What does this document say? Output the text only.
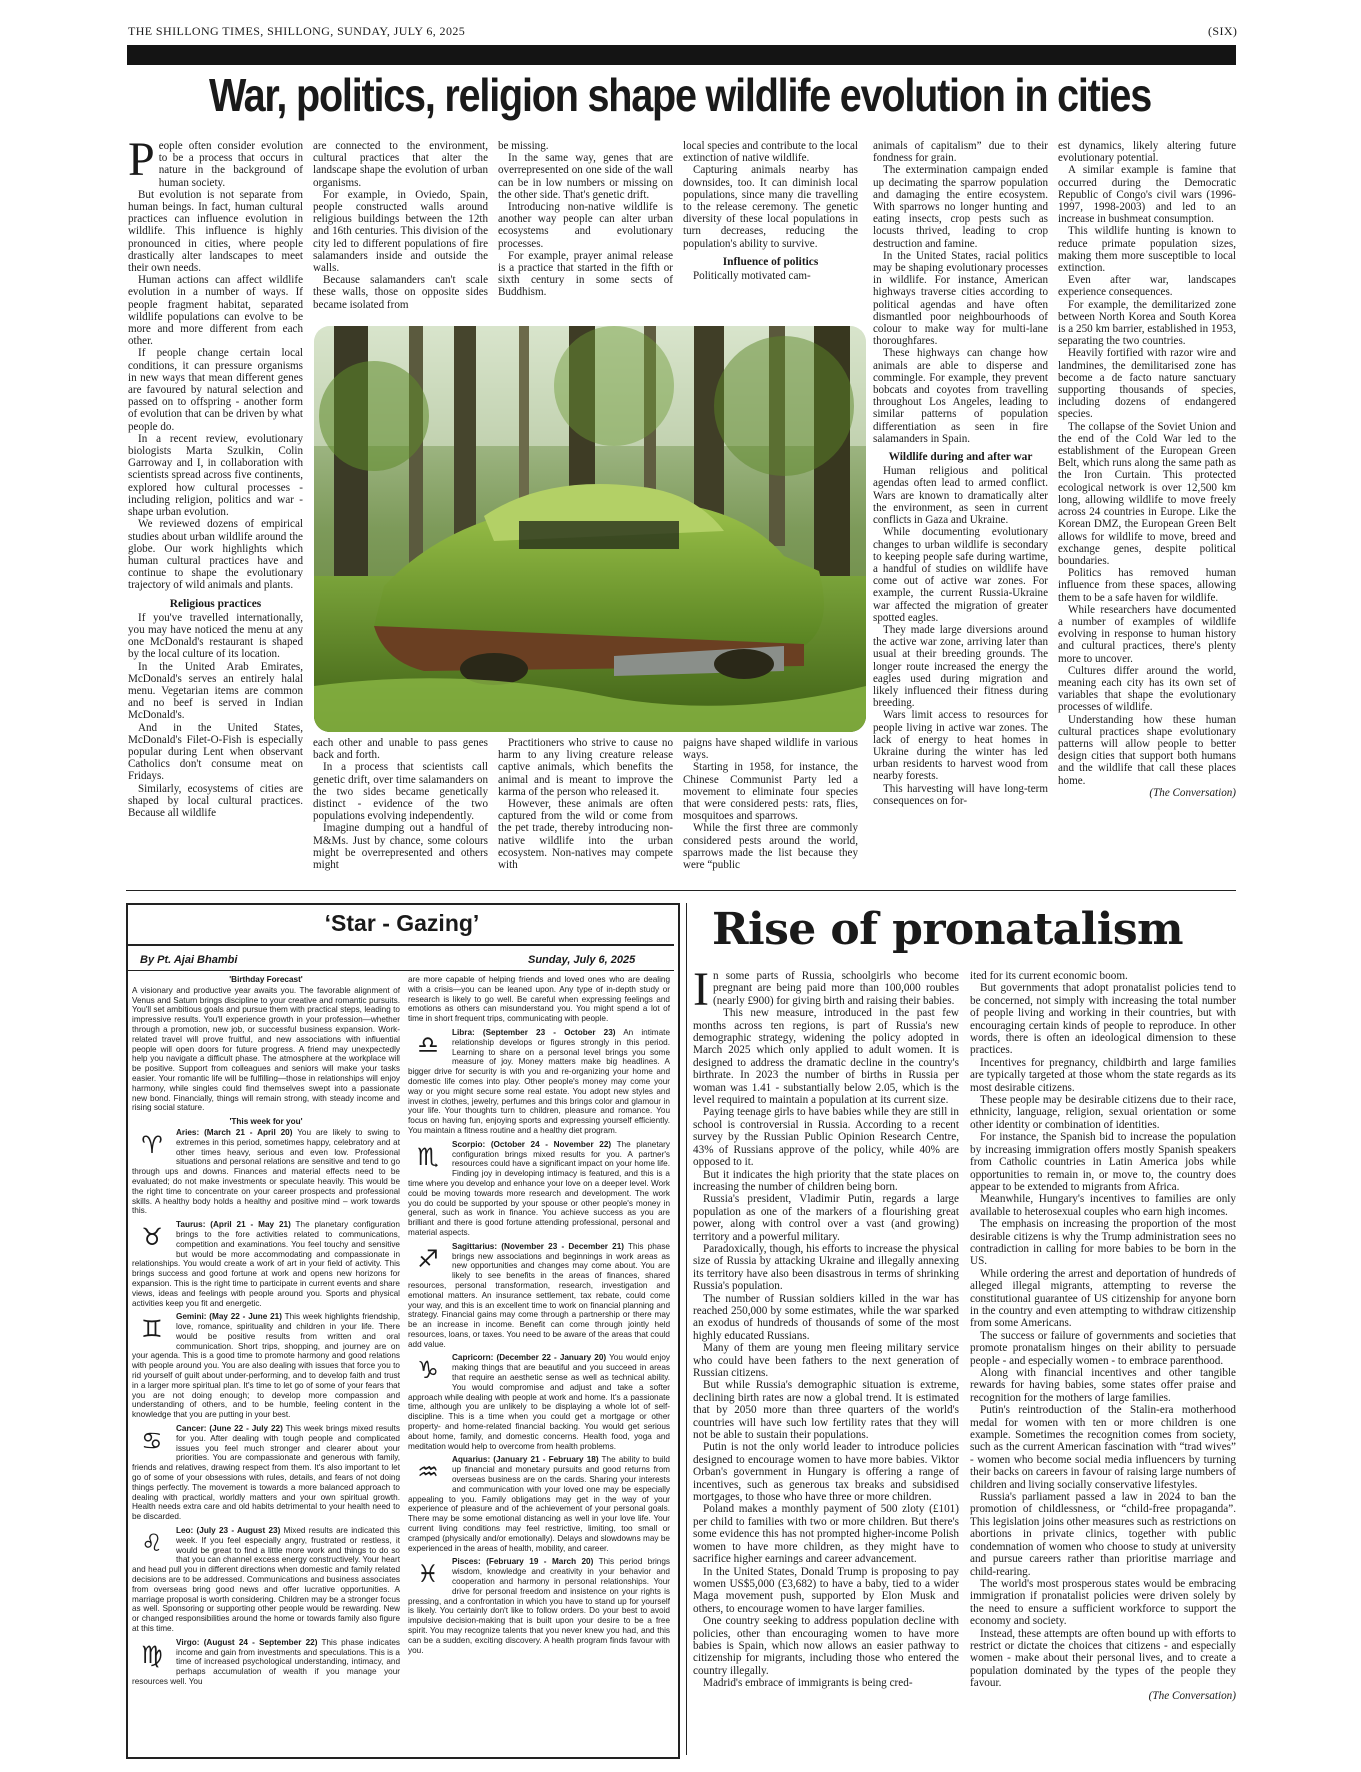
THE SHILLONG TIMES, SHILLONG, SUNDAY, JULY 6, 2025	(SIX)
War, politics, religion shape wildlife evolution in cities
P eople often consider evolution to be a process that occurs in nature in the background of human society.

But evolution is not separate from human beings. In fact, human cultural practices can influence evolution in wildlife. This influence is highly pronounced in cities, where people drastically alter landscapes to meet their own needs.

Human actions can affect wildlife evolution in a number of ways. If people fragment habitat, separated wildlife populations can evolve to be more and more different from each other.

If people change certain local conditions, it can pressure organisms in new ways that mean different genes are favoured by natural selection and passed on to offspring - another form of evolution that can be driven by what people do.

In a recent review, evolutionary biologists Marta Szulkin, Colin Garroway and I, in collaboration with scientists spread across five continents, explored how cultural processes - including religion, politics and war - shape urban evolution.

We reviewed dozens of empirical studies about urban wildlife around the globe. Our work highlights which human cultural practices have and continue to shape the evolutionary trajectory of wild animals and plants.

Religious practices

If you've travelled internationally, you may have noticed the menu at any one McDonald's restaurant is shaped by the local culture of its location.

In the United Arab Emirates, McDonald's serves an entirely halal menu. Vegetarian items are common and no beef is served in Indian McDonald's.

And in the United States, McDonald's Filet-O-Fish is especially popular during Lent when observant Catholics don't consume meat on Fridays.

Similarly, ecosystems of cities are shaped by local cultural practices. Because all wildlife

are connected to the environment, cultural practices that alter the landscape shape the evolution of urban organisms.

For example, in Oviedo, Spain, people constructed walls around religious buildings between the 12th and 16th centuries. This division of the city led to different populations of fire salamanders inside and outside the walls.

Because salamanders can't scale these walls, those on opposite sides became isolated from

be missing.

In the same way, genes that are overrepresented on one side of the wall can be in low numbers or missing on the other side. That's genetic drift.

Introducing non-native wildlife is another way people can alter urban ecosystems and evolutionary processes.

For example, prayer animal release is a practice that started in the fifth or sixth century in some sects of Buddhism.

local species and contribute to the local extinction of native wildlife.

Capturing animals nearby has downsides, too. It can diminish local populations, since many die travelling to the release ceremony. The genetic diversity of these local populations in turn decreases, reducing the population's ability to survive.

Influence of politics

Politically motivated cam-

each other and unable to pass genes back and forth.

In a process that scientists call genetic drift, over time salamanders on the two sides became genetically distinct - evidence of the two populations evolving independently.

Imagine dumping out a handful of M&Ms. Just by chance, some colours might be overrepresented and others might

Practitioners who strive to cause no harm to any living creature release captive animals, which benefits the animal and is meant to improve the karma of the person who released it.

However, these animals are often captured from the wild or come from the pet trade, thereby introducing non-native wildlife into the urban ecosystem. Non-natives may compete with

paigns have shaped wildlife in various ways.

Starting in 1958, for instance, the Chinese Communist Party led a movement to eliminate four species that were considered pests: rats, flies, mosquitoes and sparrows.

While the first three are commonly considered pests around the world, sparrows made the list because they were “public

animals of capitalism” due to their fondness for grain.

The extermination campaign ended up decimating the sparrow population and damaging the entire ecosystem. With sparrows no longer hunting and eating insects, crop pests such as locusts thrived, leading to crop destruction and famine.

In the United States, racial politics may be shaping evolutionary processes in wildlife. For instance, American highways traverse cities according to political agendas and have often dismantled poor neighbourhoods of colour to make way for multi-lane thoroughfares.

These highways can change how animals are able to disperse and commingle. For example, they prevent bobcats and coyotes from travelling throughout Los Angeles, leading to similar patterns of population differentiation as seen in fire salamanders in Spain.

Wildlife during and after war

Human religious and political agendas often lead to armed conflict. Wars are known to dramatically alter the environment, as seen in current conflicts in Gaza and Ukraine.

While documenting evolutionary changes to urban wildlife is secondary to keeping people safe during wartime, a handful of studies on wildlife have come out of active war zones. For example, the current Russia-Ukraine war affected the migration of greater spotted eagles.

They made large diversions around the active war zone, arriving later than usual at their breeding grounds. The longer route increased the energy the eagles used during migration and likely influenced their fitness during breeding.

Wars limit access to resources for people living in active war zones. The lack of energy to heat homes in Ukraine during the winter has led urban residents to harvest wood from nearby forests.

This harvesting will have long-term consequences on for-

est dynamics, likely altering future evolutionary potential.

A similar example is famine that occurred during the Democratic Republic of Congo's civil wars (1996-1997, 1998-2003) and led to an increase in bushmeat consumption.

This wildlife hunting is known to reduce primate population sizes, making them more susceptible to local extinction.

Even after war, landscapes experience consequences.

For example, the demilitarized zone between North Korea and South Korea is a 250 km barrier, established in 1953, separating the two countries.

Heavily fortified with razor wire and landmines, the demilitarised zone has become a de facto nature sanctuary supporting thousands of species, including dozens of endangered species.

The collapse of the Soviet Union and the end of the Cold War led to the establishment of the European Green Belt, which runs along the same path as the Iron Curtain. This protected ecological network is over 12,500 km long, allowing wildlife to move freely across 24 countries in Europe. Like the Korean DMZ, the European Green Belt allows for wildlife to move, breed and exchange genes, despite political boundaries.

Politics has removed human influence from these spaces, allowing them to be a safe haven for wildlife.

While researchers have documented a number of examples of wildlife evolving in response to human history and cultural practices, there's plenty more to uncover.

Cultures differ around the world, meaning each city has its own set of variables that shape the evolutionary processes of wildlife.

Understanding how these human cultural practices shape evolutionary patterns will allow people to better design cities that support both humans and the wildlife that call these places home.

(The Conversation)
‘Star - Gazing’
By Pt. Ajai Bhambi	Sunday, July 6, 2025

'Birthday Forecast'

A visionary and productive year awaits you. The favorable alignment of Venus and Saturn brings discipline to your creative and romantic pursuits. You'll set ambitious goals and pursue them with practical steps, leading to impressive results. You'll experience growth in your profession—whether through a promotion, new job, or successful business expansion. Work-related travel will prove fruitful, and new associations with influential people will open doors for future progress. A friend may unexpectedly help you navigate a difficult phase. The atmosphere at the workplace will be positive. Support from colleagues and seniors will make your tasks easier. Your romantic life will be fulfilling—those in relationships will enjoy harmony, while singles could find themselves swept into a passionate new bond. Financially, things will remain strong, with steady income and rising social stature.

'This week for you'

♈	Aries: (March 21 - April 20) You are likely to swing to extremes in this period, sometimes happy, celebratory and at other times heavy, serious and even low. Professional situations and personal relations are sensitive and tend to go through ups and downs. Finances and material effects need to be evaluated; do not make investments or speculate heavily. This would be the right time to concentrate on your career prospects and professional skills. A healthy body holds a healthy and positive mind – work towards this.

♉	Taurus: (April 21 - May 21) The planetary configuration brings to the fore activities related to communications, competition and examinations. You feel touchy and sensitive but would be more accommodating and compassionate in relationships. You would create a work of art in your field of activity. This brings success and good fortune at work and opens new horizons for expansion. This is the right time to participate in current events and share views, ideas and feelings with people around you. Sports and physical activities keep you fit and energetic.

♊	Gemini: (May 22 - June 21) This week highlights friendship, love, romance, spirituality and children in your life. There would be positive results from written and oral communication. Short trips, shopping, and journey are on your agenda. This is a good time to promote harmony and good relations with people around you. You are also dealing with issues that force you to rid yourself of guilt about under-performing, and to develop faith and trust in a larger more spiritual plan. It's time to let go of some of your fears that you are not doing enough; to develop more compassion and understanding of others, and to be humble, feeling content in the knowledge that you are putting in your best.

♋	Cancer: (June 22 - July 22) This week brings mixed results for you. After dealing with tough people and complicated issues you feel much stronger and clearer about your priorities. You are compassionate and generous with family, friends and relatives, drawing respect from them. It's also important to let go of some of your obsessions with rules, details, and fears of not doing things perfectly. The movement is towards a more balanced approach to dealing with practical, worldly matters and your own spiritual growth. Health needs extra care and old habits detrimental to your health need to be discarded.

♌	Leo: (July 23 - August 23) Mixed results are indicated this week. If you feel especially angry, frustrated or restless, it would be great to find a little more work and things to do so that you can channel excess energy constructively. Your heart and head pull you in different directions when domestic and family related decisions are to be addressed. Communications and business associates from overseas bring good news and offer lucrative opportunities. A marriage proposal is worth considering. Children may be a stronger focus as well. Sponsoring or supporting other people would be rewarding. New or changed responsibilities around the home or towards family also figure at this time.

♍	Virgo: (August 24 - September 22) This phase indicates income and gain from investments and speculations. This is a time of increased psychological understanding, intimacy, and perhaps accumulation of wealth if you manage your resources well. You

are more capable of helping friends and loved ones who are dealing with a crisis—you can be leaned upon. Any type of in-depth study or research is likely to go well. Be careful when expressing feelings and emotions as others can misunderstand you. You might spend a lot of time in short frequent trips, communicating with people.

♎	Libra: (September 23 - October 23) An intimate relationship develops or figures strongly in this period. Learning to share on a personal level brings you some measure of joy. Money matters make big headlines. A bigger drive for security is with you and re-organizing your home and domestic life comes into play. Other people's money may come your way or you might secure some real estate. You adopt new styles and invest in clothes, jewelry, perfumes and this brings color and glamour in your life. Your thoughts turn to children, pleasure and romance. You focus on having fun, enjoying sports and expressing yourself efficiently. You maintain a fitness routine and a healthy diet program.

♏	Scorpio: (October 24 - November 22) The planetary configuration brings mixed results for you. A partner's resources could have a significant impact on your home life. Finding joy in developing intimacy is featured, and this is a time where you develop and enhance your love on a deeper level. Work could be moving towards more research and development. The work you do could be supported by your spouse or other people's money in general, such as work in finance. You achieve success as you are brilliant and there is good fortune attending professional, personal and material aspects.

♐	Sagittarius: (November 23 - December 21) This phase brings new associations and beginnings in work areas as new opportunities and changes may come about. You are likely to see benefits in the areas of finances, shared resources, personal transformation, research, investigation and emotional matters. An insurance settlement, tax rebate, could come your way, and this is an excellent time to work on financial planning and strategy. Financial gains may come through a partnership or there may be an increase in income. Benefit can come through jointly held resources, loans, or taxes. You need to be aware of the areas that could add value.

♑	Capricorn: (December 22 - January 20) You would enjoy making things that are beautiful and you succeed in areas that require an aesthetic sense as well as technical ability. You would compromise and adjust and take a softer approach while dealing with people at work and home. It's a passionate time, although you are unlikely to be displaying a whole lot of self-discipline. This is a time when you could get a mortgage or other property- and home-related financial backing. You would get serious about home, family, and domestic concerns. Health food, yoga and meditation would help to overcome from health problems.

♒	Aquarius: (January 21 - February 18) The ability to build up financial and monetary pursuits and good returns from overseas business are on the cards. Sharing your interests and communication with your loved one may be especially appealing to you. Family obligations may get in the way of your experience of pleasure and of the achievement of your personal goals. There may be some emotional distancing as well in your love life. Your current living conditions may feel restrictive, limiting, too small or cramped (physically and/or emotionally). Delays and slowdowns may be experienced in the areas of health, mobility, and career.

♓	Pisces: (February 19 - March 20) This period brings wisdom, knowledge and creativity in your behavior and cooperation and harmony in personal relationships. Your drive for personal freedom and insistence on your rights is pressing, and a confrontation in which you have to stand up for yourself is likely. You certainly don't like to follow orders. Do your best to avoid impulsive decision-making that is built upon your desire to be a free spirit. You may recognize talents that you never knew you had, and this can be a sudden, exciting discovery. A health program finds favour with you.

Rise of pronatalism
I n some parts of Russia, schoolgirls who become pregnant are being paid more than 100,000 roubles (nearly £900) for giving birth and raising their babies.

This new measure, introduced in the past few months across ten regions, is part of Russia's new demographic strategy, widening the policy adopted in March 2025 which only applied to adult women. It is designed to address the dramatic decline in the country's birthrate. In 2023 the number of births in Russia per woman was 1.41 - substantially below 2.05, which is the level required to maintain a population at its current size.

Paying teenage girls to have babies while they are still in school is controversial in Russia. According to a recent survey by the Russian Public Opinion Research Centre, 43% of Russians approve of the policy, while 40% are opposed to it.

But it indicates the high priority that the state places on increasing the number of children being born.

Russia's president, Vladimir Putin, regards a large population as one of the markers of a flourishing great power, along with control over a vast (and growing) territory and a powerful military.

Paradoxically, though, his efforts to increase the physical size of Russia by attacking Ukraine and illegally annexing its territory have also been disastrous in terms of shrinking Russia's population.

The number of Russian soldiers killed in the war has reached 250,000 by some estimates, while the war sparked an exodus of hundreds of thousands of some of the most highly educated Russians.

Many of them are young men fleeing military service who could have been fathers to the next generation of Russian citizens.

But while Russia's demographic situation is extreme, declining birth rates are now a global trend. It is estimated that by 2050 more than three quarters of the world's countries will have such low fertility rates that they will not be able to sustain their populations.

Putin is not the only world leader to introduce policies designed to encourage women to have more babies. Viktor Orban's government in Hungary is offering a range of incentives, such as generous tax breaks and subsidised mortgages, to those who have three or more children.

Poland makes a monthly payment of 500 zloty (£101) per child to families with two or more children. But there's some evidence this has not prompted higher-income Polish women to have more children, as they might have to sacrifice higher earnings and career advancement.

In the United States, Donald Trump is proposing to pay women US$5,000 (£3,682) to have a baby, tied to a wider Maga movement push, supported by Elon Musk and others, to encourage women to have larger families.

One country seeking to address population decline with policies, other than encouraging women to have more babies is Spain, which now allows an easier pathway to citizenship for migrants, including those who entered the country illegally.

Madrid's embrace of immigrants is being cred-

ited for its current economic boom.

But governments that adopt pronatalist policies tend to be concerned, not simply with increasing the total number of people living and working in their countries, but with encouraging certain kinds of people to reproduce. In other words, there is often an ideological dimension to these practices.

Incentives for pregnancy, childbirth and large families are typically targeted at those whom the state regards as its most desirable citizens.

These people may be desirable citizens due to their race, ethnicity, language, religion, sexual orientation or some other identity or combination of identities.

For instance, the Spanish bid to increase the population by increasing immigration offers mostly Spanish speakers from Catholic countries in Latin America jobs while opportunities to remain in, or move to, the country does appear to be extended to migrants from Africa.

Meanwhile, Hungary's incentives to families are only available to heterosexual couples who earn high incomes.

The emphasis on increasing the proportion of the most desirable citizens is why the Trump administration sees no contradiction in calling for more babies to be born in the US.

While ordering the arrest and deportation of hundreds of alleged illegal migrants, attempting to reverse the constitutional guarantee of US citizenship for anyone born in the country and even attempting to withdraw citizenship from some Americans.

The success or failure of governments and societies that promote pronatalism hinges on their ability to persuade people - and especially women - to embrace parenthood.

Along with financial incentives and other tangible rewards for having babies, some states offer praise and recognition for the mothers of large families.

Putin's reintroduction of the Stalin-era motherhood medal for women with ten or more children is one example. Sometimes the recognition comes from society, such as the current American fascination with “trad wives” - women who become social media influencers by turning their backs on careers in favour of raising large numbers of children and living socially conservative lifestyles.

Russia's parliament passed a law in 2024 to ban the promotion of childlessness, or “child-free propaganda”. This legislation joins other measures such as restrictions on abortions in private clinics, together with public condemnation of women who choose to study at university and pursue careers rather than prioritise marriage and child-rearing.

The world's most prosperous states would be embracing immigration if pronatalist policies were driven solely by the need to ensure a sufficient workforce to support the economy and society.

Instead, these attempts are often bound up with efforts to restrict or dictate the choices that citizens - and especially women - make about their personal lives, and to create a population dominated by the types of the people they favour.

(The Conversation)
